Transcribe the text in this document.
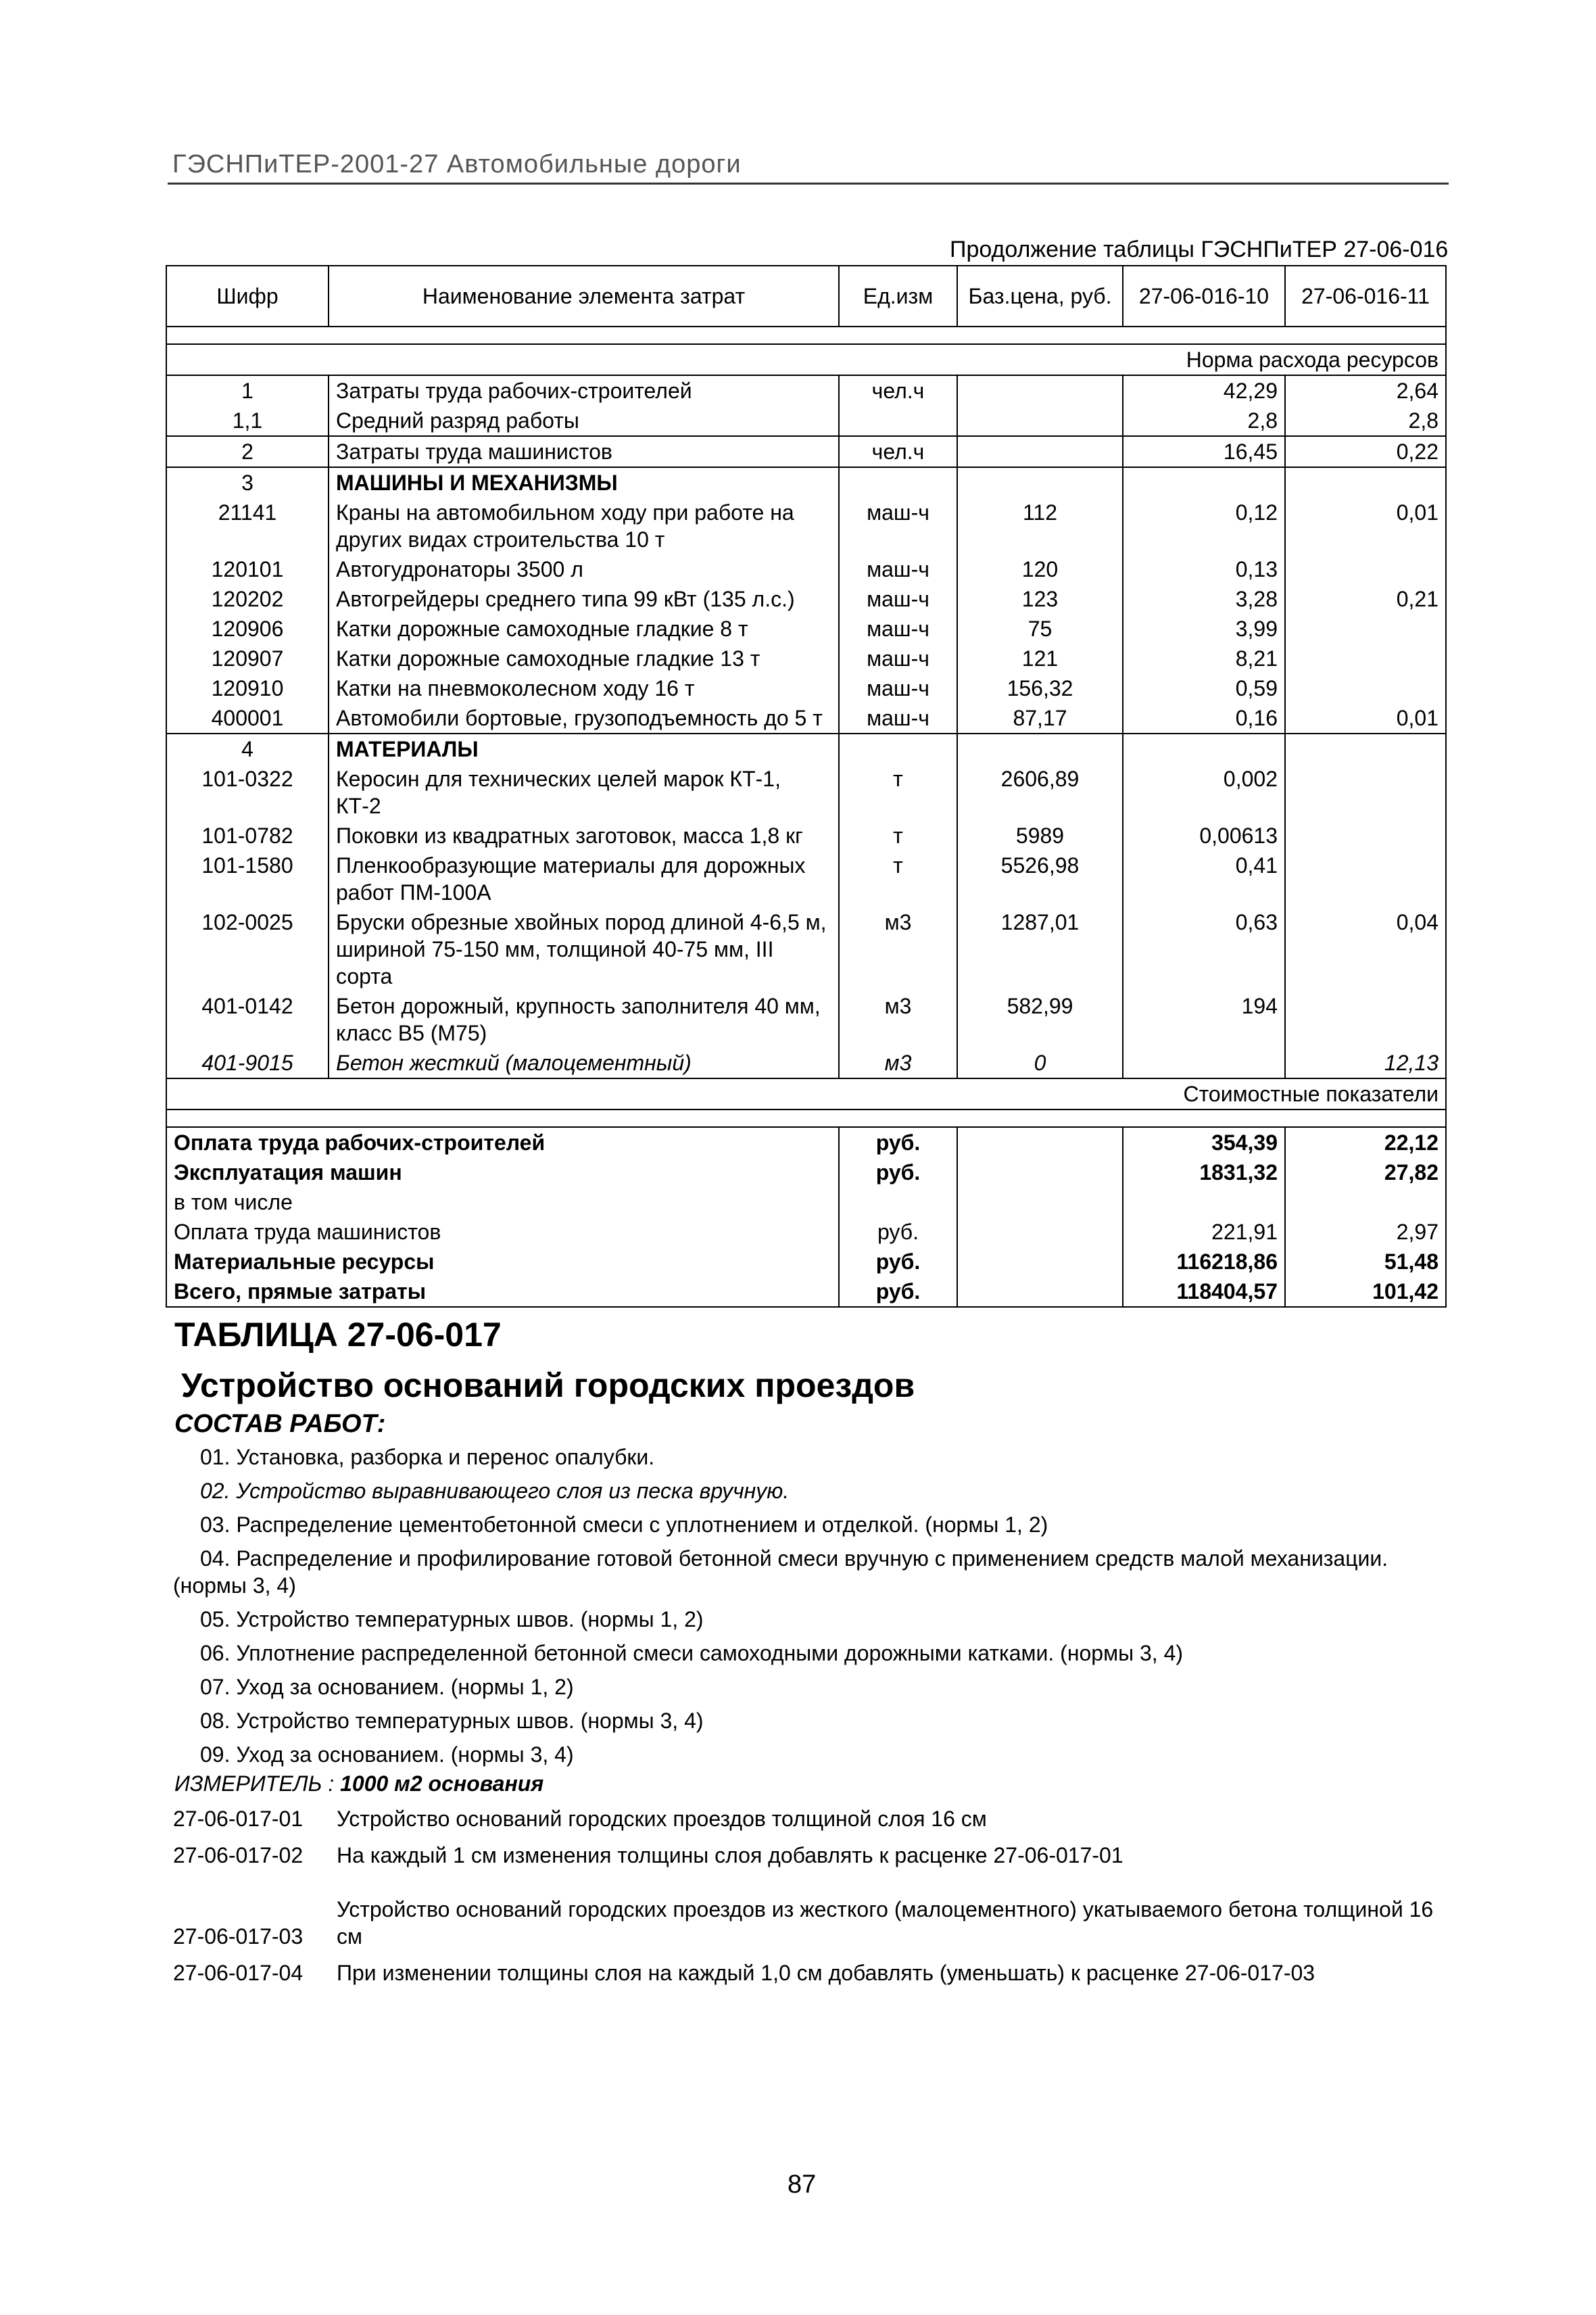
ГЭСНПиТЕР-2001-27 Автомобильные дороги
Продолжение таблицы ГЭСНПиТЕР 27-06-016
Шифр	Наименование элемента затрат	Ед.изм	Баз.цена, руб.	27-06-016-10	27-06-016-11

Норма расхода ресурсов					
1	Затраты труда рабочих-строителей	чел.ч		42,29	2,64
1,1	Средний разряд работы			2,8	2,8
2	Затраты труда машинистов	чел.ч		16,45	0,22
3	МАШИНЫ И МЕХАНИЗМЫ				
21141	Краны на автомобильном ходу при работе на других видах строительства 10 т	маш-ч	112	0,12	0,01
120101	Автогудронаторы 3500 л	маш-ч	120	0,13	
120202	Автогрейдеры среднего типа 99 кВт (135 л.с.)	маш-ч	123	3,28	0,21
120906	Катки дорожные самоходные гладкие 8 т	маш-ч	75	3,99	
120907	Катки дорожные самоходные гладкие 13 т	маш-ч	121	8,21	
120910	Катки на пневмоколесном ходу 16 т	маш-ч	156,32	0,59	
400001	Автомобили бортовые, грузоподъемность до 5 т	маш-ч	87,17	0,16	0,01
4	МАТЕРИАЛЫ				
101-0322	Керосин для технических целей марок КТ-1, КТ-2	т	2606,89	0,002	
101-0782	Поковки из квадратных заготовок, масса 1,8 кг	т	5989	0,00613	
101-1580	Пленкообразующие материалы для дорожных работ ПМ-100А	т	5526,98	0,41	
102-0025	Бруски обрезные хвойных пород длиной 4-6,5 м, шириной 75-150 мм, толщиной 40-75 мм, III сорта	м3	1287,01	0,63	0,04
401-0142	Бетон дорожный, крупность заполнителя 40 мм, класс В5 (М75)	м3	582,99	194	
401-9015	Бетон жесткий (малоцементный)	м3	0		12,13
Стоимостные показатели					

Оплата труда рабочих-строителей		руб.		354,39	22,12
Эксплуатация машин		руб.		1831,32	27,82
в том числе					
Оплата труда машинистов		руб.		221,91	2,97
Материальные ресурсы		руб.		116218,86	51,48
Всего, прямые затраты		руб.		118404,57	101,42
ТАБЛИЦА 27-06-017
Устройство оснований городских проездов
СОСТАВ РАБОТ:
01. Установка, разборка и перенос опалубки.
02. Устройство выравнивающего слоя из песка вручную.
03. Распределение цементобетонной смеси с уплотнением и отделкой. (нормы 1, 2)
04. Распределение и профилирование готовой бетонной смеси вручную с применением средств малой механизации.
(нормы 3, 4)
05. Устройство температурных швов. (нормы 1, 2)
06. Уплотнение распределенной бетонной смеси самоходными дорожными катками. (нормы 3, 4)
07. Уход за основанием. (нормы 1, 2)
08. Устройство температурных швов. (нормы 3, 4)
09. Уход за основанием. (нормы 3, 4)
ИЗМЕРИТЕЛЬ : 1000 м2 основания
27-06-017-01	Устройство оснований городских проездов толщиной слоя 16 см
27-06-017-02	На каждый 1 см изменения толщины слоя добавлять к расценке 27-06-017-01
27-06-017-03	Устройство оснований городских проездов из жесткого (малоцементного) укатываемого бетона толщиной 16 см
27-06-017-04	При изменении толщины слоя на каждый 1,0 см добавлять (уменьшать) к расценке 27-06-017-03
87
